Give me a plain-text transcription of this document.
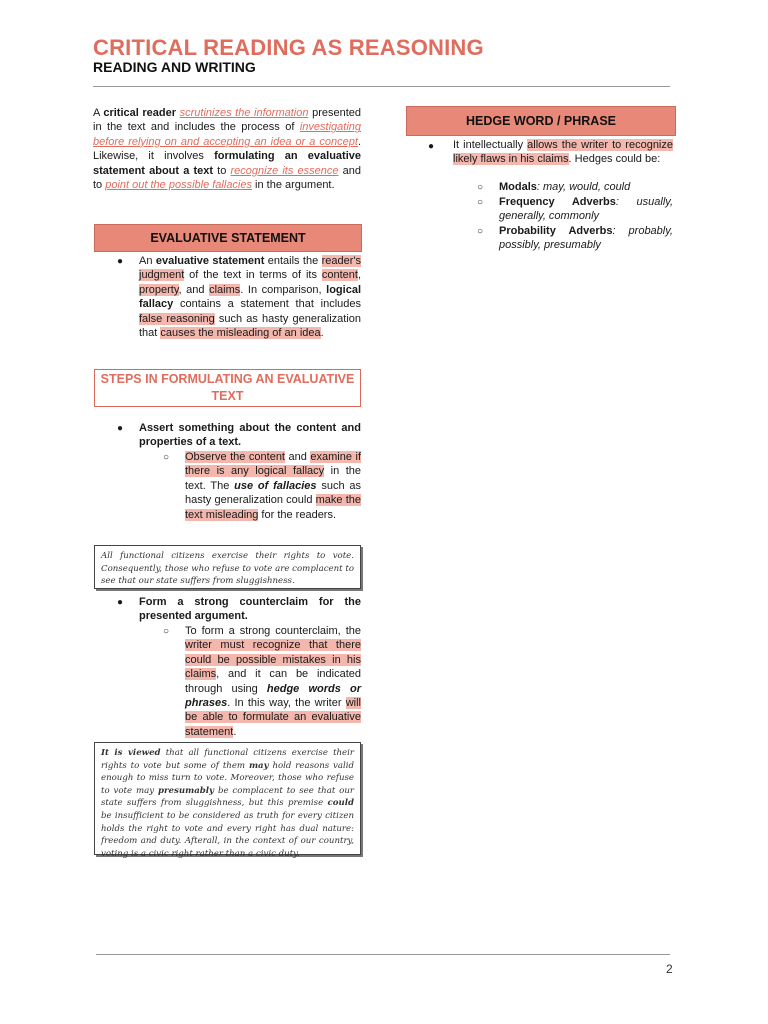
CRITICAL READING AS REASONING
READING AND WRITING
A critical reader scrutinizes the information presented in the text and includes the process of investigating before relying on and accepting an idea or a concept. Likewise, it involves formulating an evaluative statement about a text to recognize its essence and to point out the possible fallacies in the argument.
EVALUATIVE STATEMENT
● An evaluative statement entails the reader's judgment of the text in terms of its content, property, and claims. In comparison, logical fallacy contains a statement that includes false reasoning such as hasty generalization that causes the misleading of an idea.
STEPS IN FORMULATING AN EVALUATIVE TEXT
● Assert something about the content and properties of a text.
○ Observe the content and examine if there is any logical fallacy in the text. The use of fallacies such as hasty generalization could make the text misleading for the readers.
All functional citizens exercise their rights to vote. Consequently, those who refuse to vote are complacent to see that our state suffers from sluggishness.
● Form a strong counterclaim for the presented argument.
○ To form a strong counterclaim, the writer must recognize that there could be possible mistakes in his claims, and it can be indicated through using hedge words or phrases. In this way, the writer will be able to formulate an evaluative statement.
It is viewed that all functional citizens exercise their rights to vote but some of them may hold reasons valid enough to miss turn to vote. Moreover, those who refuse to vote may presumably be complacent to see that our state suffers from sluggishness, but this premise could be insufficient to be considered as truth for every citizen holds the right to vote and every right has dual nature: freedom and duty. Afterall, in the context of our country, voting is a civic right rather than a civic duty.
HEDGE WORD / PHRASE
● It intellectually allows the writer to recognize likely flaws in his claims. Hedges could be:
○ Modals: may, would, could
○ Frequency Adverbs: usually, generally, commonly
○ Probability Adverbs: probably, possibly, presumably
2
